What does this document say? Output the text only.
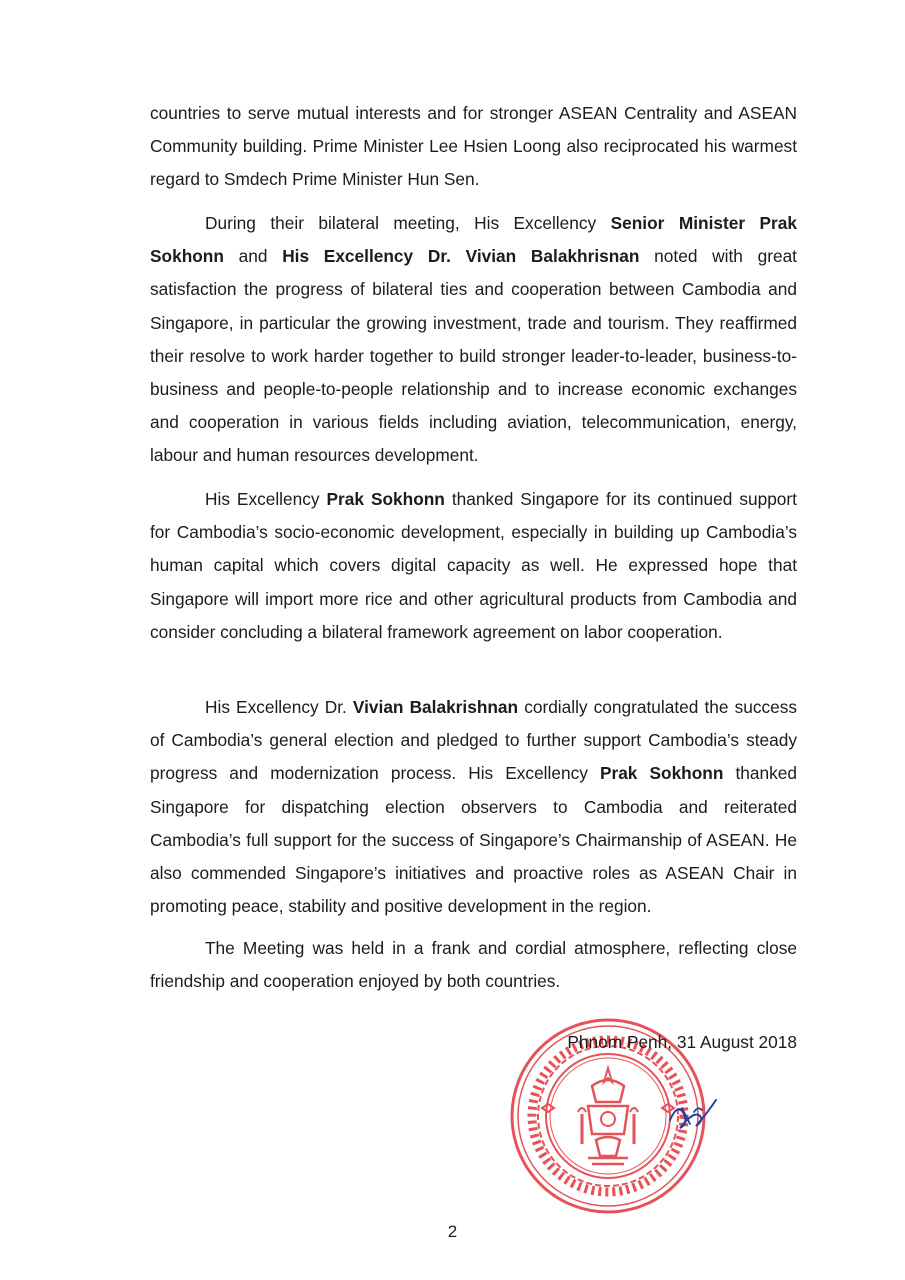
countries to serve mutual interests and for stronger ASEAN Centrality and ASEAN Community building. Prime Minister Lee Hsien Loong also reciprocated his warmest regard to Smdech Prime Minister Hun Sen.

During their bilateral meeting, His Excellency Senior Minister Prak Sokhonn and His Excellency Dr. Vivian Balakhrisnan noted with great satisfaction the progress of bilateral ties and cooperation between Cambodia and Singapore, in particular the growing investment, trade and tourism. They reaffirmed their resolve to work harder together to build stronger leader-to-leader, business-to-business and people-to-people relationship and to increase economic exchanges and cooperation in various fields including aviation, telecommunication, energy, labour and human resources development.

His Excellency Prak Sokhonn thanked Singapore for its continued support for Cambodia’s socio-economic development, especially in building up Cambodia’s human capital which covers digital capacity as well. He expressed hope that Singapore will import more rice and other agricultural products from Cambodia and consider concluding a bilateral framework agreement on labor cooperation.

His Excellency Dr. Vivian Balakrishnan cordially congratulated the success of Cambodia’s general election and pledged to further support Cambodia’s steady progress and modernization process. His Excellency Prak Sokhonn thanked Singapore for dispatching election observers to Cambodia and reiterated Cambodia’s full support for the success of Singapore’s Chairmanship of ASEAN. He also commended Singapore’s initiatives and proactive roles as ASEAN Chair in promoting peace, stability and positive development in the region.

The Meeting was held in a frank and cordial atmosphere, reflecting close friendship and cooperation enjoyed by both countries.

Phnom Penh, 31 August 2018
2
